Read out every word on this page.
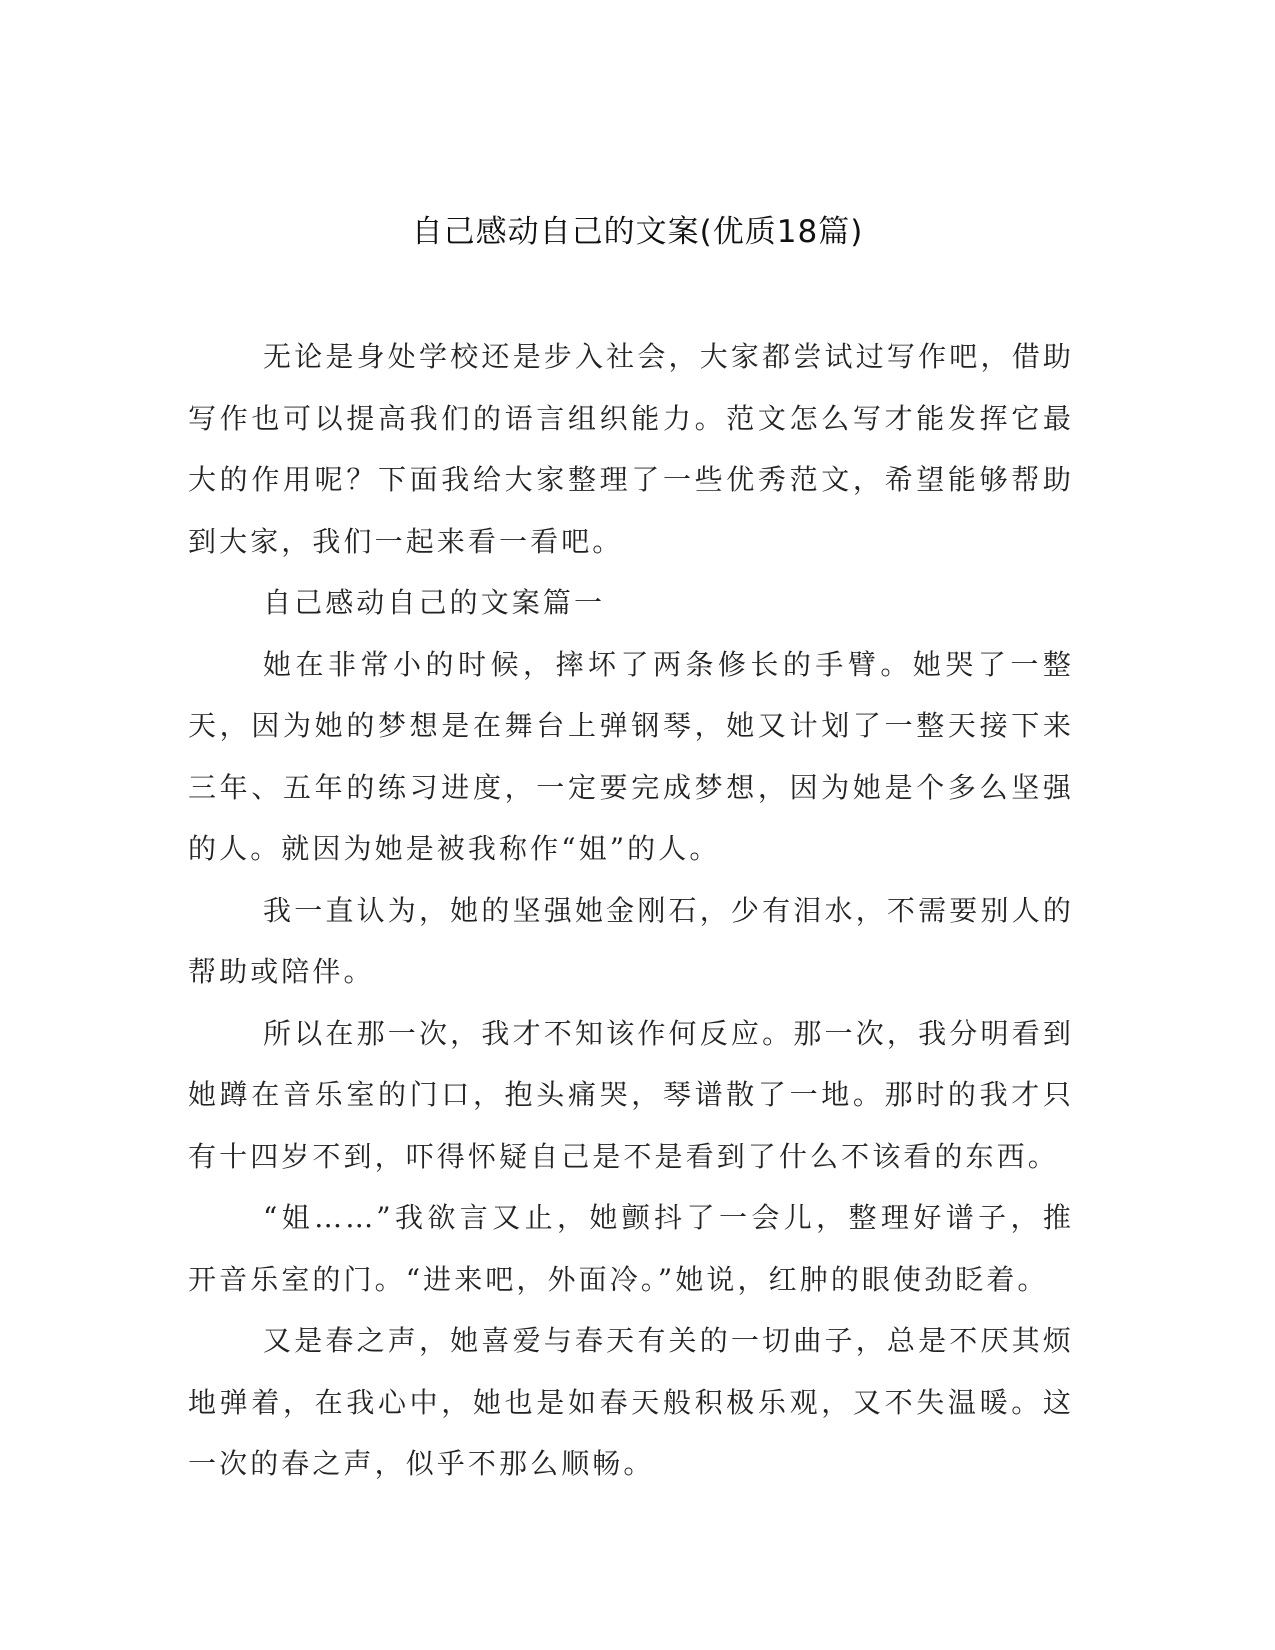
自己感动自己的文案(优质18篇)

无论是身处学校还是步入社会，大家都尝试过写作吧，借助写作也可以提高我们的语言组织能力。范文怎么写才能发挥它最大的作用呢？下面我给大家整理了一些优秀范文，希望能够帮助到大家，我们一起来看一看吧。

自己感动自己的文案篇一

她在非常小的时候，摔坏了两条修长的手臂。她哭了一整天，因为她的梦想是在舞台上弹钢琴，她又计划了一整天接下来三年、五年的练习进度，一定要完成梦想，因为她是个多么坚强的人。就因为她是被我称作“姐”的人。

我一直认为，她的坚强她金刚石，少有泪水，不需要别人的帮助或陪伴。

所以在那一次，我才不知该作何反应。那一次，我分明看到她蹲在音乐室的门口，抱头痛哭，琴谱散了一地。那时的我才只有十四岁不到，吓得怀疑自己是不是看到了什么不该看的东西。

“姐……”我欲言又止，她颤抖了一会儿，整理好谱子，推开音乐室的门。“进来吧，外面冷。”她说，红肿的眼使劲眨着。

又是春之声，她喜爱与春天有关的一切曲子，总是不厌其烦地弹着，在我心中，她也是如春天般积极乐观，又不失温暖。这一次的春之声，似乎不那么顺畅。
